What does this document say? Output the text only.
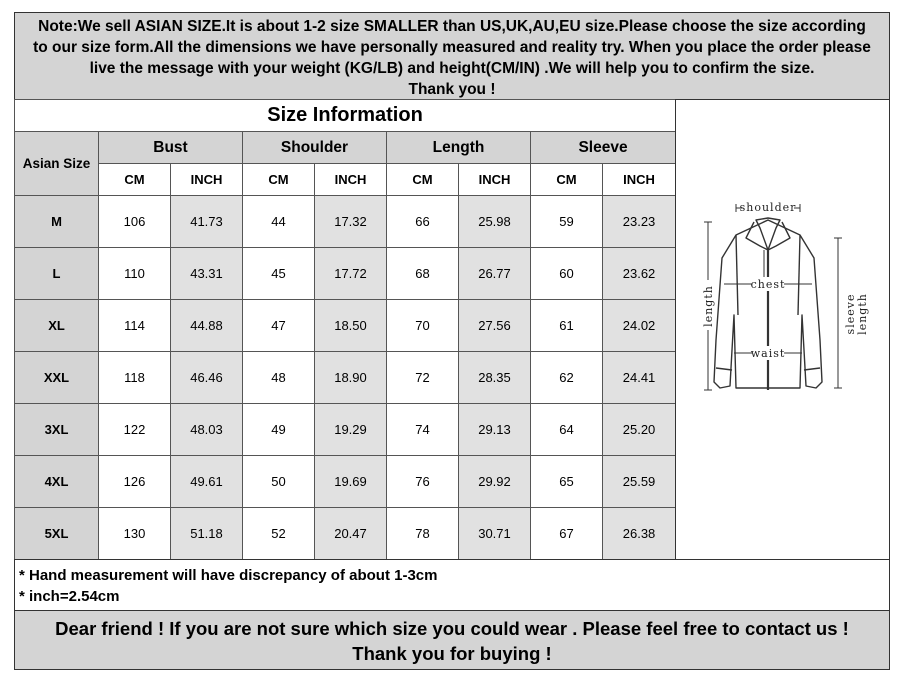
Note:We sell ASIAN SIZE.It is about 1-2 size SMALLER than US,UK,AU,EU size.Please choose the size according
to our size form.All the dimensions we have personally measured and reality try. When you place the order please
live the message with your weight (KG/LB) and height(CM/IN) .We will help you to confirm the size.
Thank you !
Size Information								
Asian Size	Bust		Shoulder		Length		Sleeve	
	CM	INCH	CM	INCH	CM	INCH	CM	INCH
M	106	41.73	44	17.32	66	25.98	59	23.23
L	110	43.31	45	17.72	68	26.77	60	23.62
XL	114	44.88	47	18.50	70	27.56	61	24.02
XXL	118	46.46	48	18.90	72	28.35	62	24.41
3XL	122	48.03	49	19.29	74	29.13	64	25.20
4XL	126	49.61	50	19.69	76	29.92	65	25.59
5XL	130	51.18	52	20.47	78	30.71	67	26.38
shoulder
chest
waist
length	sleeve length
* Hand measurement will have discrepancy of about 1-3cm
* inch=2.54cm
Dear friend ! If you are not sure which size you could wear . Please feel free to contact us !
Thank you for buying !
